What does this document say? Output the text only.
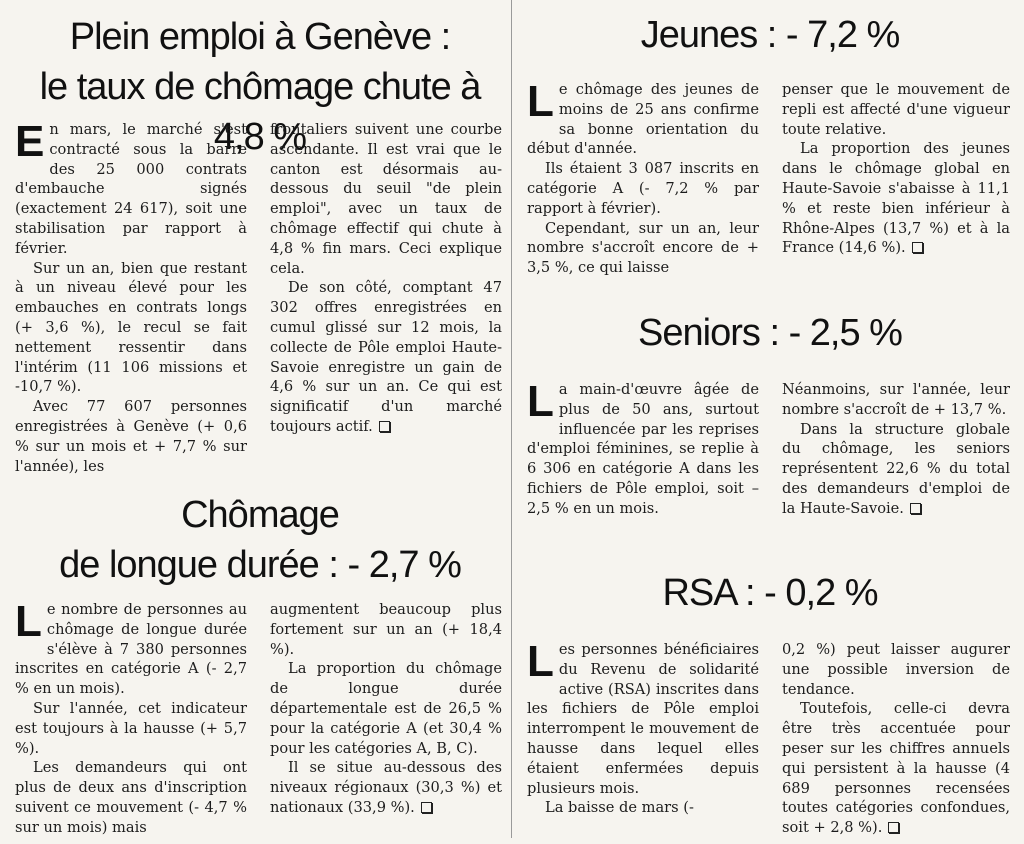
Plein emploi à Genève :
le taux de chômage chute à 4,8 %
E n mars, le marché s'est contracté sous la barre des 25 000 contrats d'embauche signés (exactement 24 617), soit une stabilisation par rapport à février.

Sur un an, bien que restant à un niveau élevé pour les embauches en contrats longs (+ 3,6 %), le recul se fait nettement ressentir dans l'intérim (11 106 missions et -10,7 %).

Avec 77 607 personnes enregistrées à Genève (+ 0,6 % sur un mois et + 7,7 % sur l'année), les

frontaliers suivent une courbe ascendante. Il est vrai que le canton est désormais au-dessous du seuil "de plein emploi", avec un taux de chômage effectif qui chute à 4,8 % fin mars. Ceci explique cela.

De son côté, comptant 47 302 offres enregistrées en cumul glissé sur 12 mois, la collecte de Pôle emploi Haute-Savoie enregistre un gain de 4,6 % sur un an. Ce qui est significatif d'un marché toujours actif.

Chômage
de longue durée : - 2,7 %
L e nombre de personnes au chômage de longue durée s'élève à 7 380 personnes inscrites en catégorie A (- 2,7 % en un mois).

Sur l'année, cet indicateur est toujours à la hausse (+ 5,7 %).

Les demandeurs qui ont plus de deux ans d'inscription suivent ce mouvement (- 4,7 % sur un mois) mais

augmentent beaucoup plus fortement sur un an (+ 18,4 %).

La proportion du chômage de longue durée départementale est de 26,5 % pour la catégorie A (et 30,4 % pour les catégories A, B, C).

Il se situe au-dessous des niveaux régionaux (30,3 %) et nationaux (33,9 %).

Jeunes : - 7,2 %
L e chômage des jeunes de moins de 25 ans confirme sa bonne orientation du début d'année.

Ils étaient 3 087 inscrits en catégorie A (- 7,2 % par rapport à février).

Cependant, sur un an, leur nombre s'accroît encore de + 3,5 %, ce qui laisse

penser que le mouvement de repli est affecté d'une vigueur toute relative.

La proportion des jeunes dans le chômage global en Haute-Savoie s'abaisse à 11,1 % et reste bien inférieur à Rhône-Alpes (13,7 %) et à la France (14,6 %).

Seniors : - 2,5 %
L a main-d'œuvre âgée de plus de 50 ans, surtout influencée par les reprises d'emploi féminines, se replie à 6 306 en catégorie A dans les fichiers de Pôle emploi, soit – 2,5 % en un mois.

Néanmoins, sur l'année, leur nombre s'accroît de + 13,7 %.

Dans la structure globale du chômage, les seniors représentent 22,6 % du total des demandeurs d'emploi de la Haute-Savoie.

RSA : - 0,2 %
L es personnes bénéficiaires du Revenu de solidarité active (RSA) inscrites dans les fichiers de Pôle emploi interrompent le mouvement de hausse dans lequel elles étaient enfermées depuis plusieurs mois.

La baisse de mars (-

0,2 %) peut laisser augurer une possible inversion de tendance.

Toutefois, celle-ci devra être très accentuée pour peser sur les chiffres annuels qui persistent à la hausse (4 689 personnes recensées toutes catégories confondues, soit + 2,8 %).
